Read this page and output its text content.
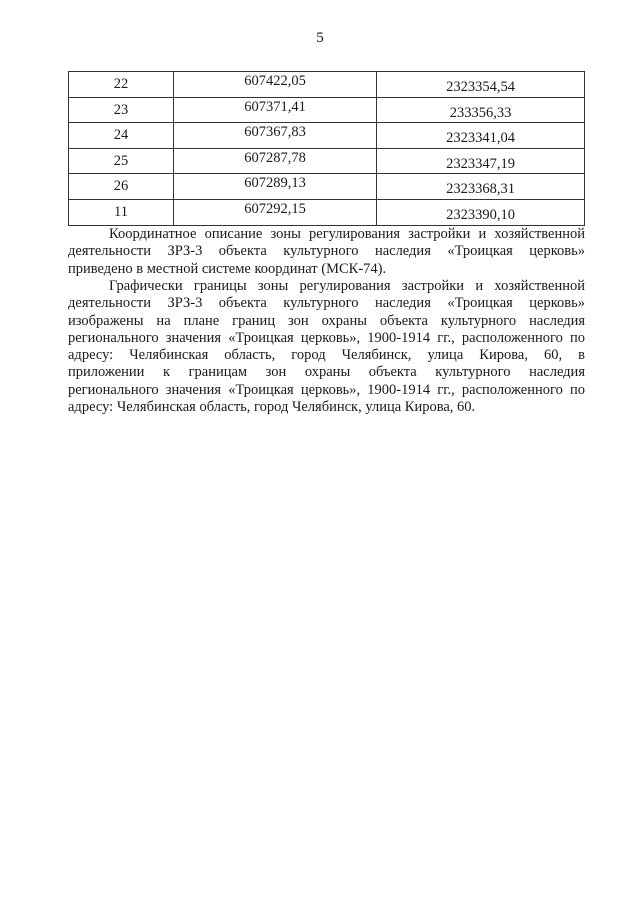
5
22	607422,05	2323354,54
23	607371,41	233356,33
24	607367,83	2323341,04
25	607287,78	2323347,19
26	607289,13	2323368,31
11	607292,15	2323390,10

Координатное описание зоны регулирования застройки и хозяйственной
деятельности ЗРЗ-3 объекта культурного наследия «Троицкая церковь»
приведено в местной системе координат (МСК-74).

Графически границы зоны регулирования застройки и хозяйственной
деятельности ЗРЗ-3 объекта культурного наследия «Троицкая церковь»
изображены на плане границ зон охраны объекта культурного наследия
регионального значения «Троицкая церковь», 1900-1914 гг., расположенного по
адресу: Челябинская область, город Челябинск, улица Кирова, 60, в
приложении к границам зон охраны объекта культурного наследия
регионального значения «Троицкая церковь», 1900-1914 гг., расположенного по
адресу: Челябинская область, город Челябинск, улица Кирова, 60.
